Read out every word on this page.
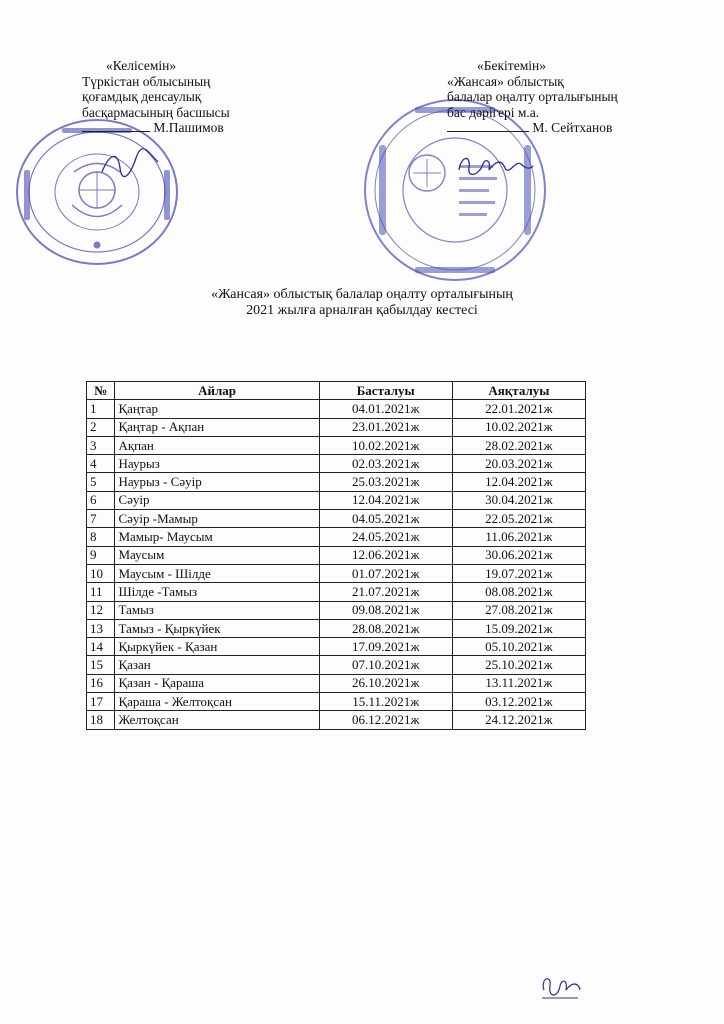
«Келісемін»
Түркістан облысының
қоғамдық денсаулық
басқармасының басшысы
М.Пашимов
«Бекітемін»
«Жансая» облыстық
балалар оңалту орталығының
бас дәрігері м.а.
М. Сейтханов
«Жансая» облыстық балалар оңалту орталығының
2021 жылға арналған қабылдау кестесі
№	Айлар	Басталуы	Аяқталуы
1	Қаңтар	04.01.2021ж	22.01.2021ж
2	Қаңтар - Ақпан	23.01.2021ж	10.02.2021ж
3	Ақпан	10.02.2021ж	28.02.2021ж
4	Наурыз	02.03.2021ж	20.03.2021ж
5	Наурыз - Сәуір	25.03.2021ж	12.04.2021ж
6	Сәуір	12.04.2021ж	30.04.2021ж
7	Сәуір -Мамыр	04.05.2021ж	22.05.2021ж
8	Мамыр- Маусым	24.05.2021ж	11.06.2021ж
9	Маусым	12.06.2021ж	30.06.2021ж
10	Маусым - Шілде	01.07.2021ж	19.07.2021ж
11	Шілде -Тамыз	21.07.2021ж	08.08.2021ж
12	Тамыз	09.08.2021ж	27.08.2021ж
13	Тамыз - Қыркүйек	28.08.2021ж	15.09.2021ж
14	Қыркүйек - Қазан	17.09.2021ж	05.10.2021ж
15	Қазан	07.10.2021ж	25.10.2021ж
16	Қазан - Қараша	26.10.2021ж	13.11.2021ж
17	Қараша - Желтоқсан	15.11.2021ж	03.12.2021ж
18	Желтоқсан	06.12.2021ж	24.12.2021ж
